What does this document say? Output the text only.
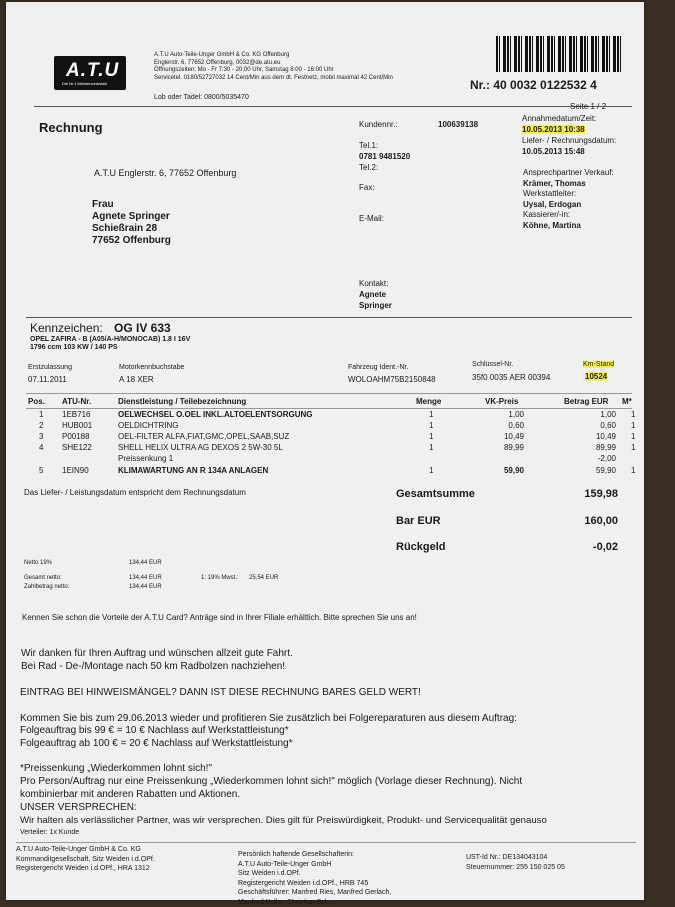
A.T.U
Die Nr.1 Meisterwerkstatt
A.T.U Auto-Teile-Unger GmbH & Co. KG Offenburg
Englerstr. 6, 77652 Offenburg, 0032@de.atu.eu
Öffnungszeiten: Mo - Fr 7:30 - 20:00 Uhr, Samstag 8:00 - 16:00 Uhr
Servicetel. 0180/52727032 14 Cent/Min aus dem dt. Festnetz, mobil maximal 42 Cent/Min
Lob oder Tadel: 0800/5035470
Nr.: 40 0032 0122532 4
Seite 1 / 2
Rechnung	Kundennr.:	100639138
Annahmedatum/Zeit:
10.05.2013 10:38
Liefer- / Rechnungsdatum:
10.05.2013 15:48
Tel.1:
0781 9481520
Tel.2:
Fax:
E-Mail:
A.T.U Englerstr. 6, 77652 Offenburg
Frau
Agnete Springer
Schießrain 28
77652 Offenburg
Ansprechpartner Verkauf:
Krämer, Thomas
Werkstattleiter:
Uysal, Erdogan
Kassierer/-in:
Köhne, Martina
Kontakt:
Agnete
Springer
Kennzeichen: OG IV 633
OPEL ZAFIRA - B (A05/A-H/MONOCAB) 1.8 I 16V
1796 ccm 103 KW / 140 PS
Erstzulassung
07.11.2011
Motorkennbuchstabe
A 18 XER
Fahrzeug Ident.-Nr.
WOLOAHM75B2150848
Schlüssel-Nr.
35f0 0035 AER 00394
Km-Stand
10524
Pos. ATU-Nr.	Dienstleistung / Teilebezeichnung	Menge	VK-Preis	Betrag EUR M*
1 1EB716	OELWECHSEL O.OEL INKL.ALTOELENTSORGUNG	1	1,00	1,00 1
2 HUB001	OELDICHTRING	1	0,60	0,60 1
3 P00188	OEL-FILTER ALFA,FIAT,GMC,OPEL,SAAB,SUZ	1	10,49	10,49 1
4 SHE122	SHELL HELIX ULTRA AG DEXOS 2 5W-30 5L	1	89,99	89,99 1
Preissenkung 1	-2,00
5 1EIN90	KLIMAWARTUNG AN R 134A ANLAGEN	1	59,90	59,90 1
Das Liefer- / Leistungsdatum entspricht dem Rechnungsdatum	Gesamtsumme	159,98
Bar EUR	160,00
Rückgeld	-0,02
Netto 19%	134,44 EUR
Gesamt netto:	134,44 EUR	1: 19% Mwst.: 25,54 EUR
Zahlbetrag netto:	134,44 EUR
Kennen Sie schon die Vorteile der A.T.U Card? Anträge sind in Ihrer Filiale erhältlich. Bitte sprechen Sie uns an!
Wir danken für Ihren Auftrag und wünschen allzeit gute Fahrt.
Bei Rad - De-/Montage nach 50 km Radbolzen nachziehen!
EINTRAG BEI HINWEISMÄNGEL? DANN IST DIESE RECHNUNG BARES GELD WERT!
Kommen Sie bis zum 29.06.2013 wieder und profitieren Sie zusätzlich bei Folgereparaturen aus diesem Auftrag:
Folgeauftrag bis 99 € = 10 € Nachlass auf Werkstattleistung*
Folgeauftrag ab 100 € = 20 € Nachlass auf Werkstattleistung*
*Preissenkung „Wiederkommen lohnt sich!"
Pro Person/Auftrag nur eine Preissenkung „Wiederkommen lohnt sich!" möglich (Vorlage dieser Rechnung). Nicht
kombinierbar mit anderen Rabatten und Aktionen.
UNSER VERSPRECHEN:
Wir halten als verlässlicher Partner, was wir versprechen. Dies gilt für Preiswürdigkeit, Produkt- und Servicequalität genauso
Verteiler: 1x Kunde
A.T.U Auto-Teile-Unger GmbH & Co. KG
Kommanditgesellschaft, Sitz Weiden i.d.OPf.
Registergericht Weiden i.d.OPf., HRA 1312
Persönlich haftende Gesellschafterin:
A.T.U Auto-Teile-Unger GmbH
Sitz Weiden i.d.OPf.
Registergericht Weiden i.d.OPf., HRB 745
Geschäftsführer: Manfred Ries, Manfred Gerlach,
Manfred Koller, Christian Sch...
UST-Id Nr.: DE134043104
Steuernummer: 255 150 025 05
